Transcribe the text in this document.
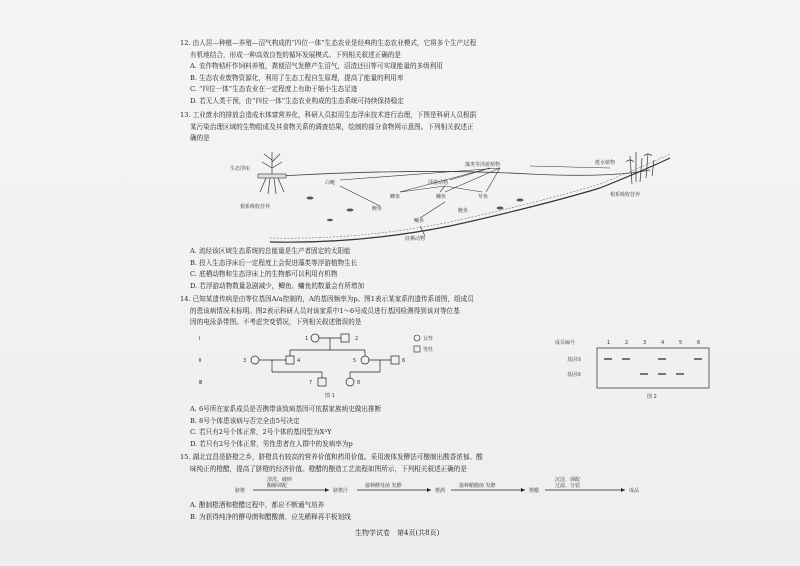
12. 由人居—种植—养殖—沼气构成的“四位一体”生态农业是经典的生态农业模式，它将多个生产过程
有机地结合，形成一种高效良性的循环发展模式。下列相关叙述正确的是
A. 农作物秸秆作饲料养殖，粪便沼气发酵产生沼气，沼渣还田等可实现能量的多级利用
B. 生态农业废物资源化，利用了生态工程自生原理，提高了能量的利用率
C. “四位一体”生态农业在一定程度上有助于缩小生态足迹
D. 若无人类干预，由“四位一体”生态农业构成的生态系统可持续保持稳定
13. 工业废水的排放会造成水体富营养化，科研人员拟用生态浮床技术进行治理，下图是科研人员根据
某污染治理区域的生物组成及其食物关系的调查结果，绘制的部分食物网示意图。下列相关叙述正
确的是
生态浮床
根系吸收营养
藻类等浮游植物	挺水植物
白鲢	浮游动物
鲫鱼	鳙鱼	草鱼
鲤鱼	鲢鱼
鳙鱼
底栖动物
根系吸收营养
A. 流经该区域生态系统的总能量是生产者固定的太阳能
B. 投入生态浮床后一定程度上会促进藻类等浮游植物生长
C. 底栖动物和生态浮床上的生物都可以利用有机物
D. 若浮游动物数量急剧减少，鲫鱼、鳙鱼的数量会有所增加
14. 已知某遗传病是由等位基因A/a控制的，A的基因频率为p。图1表示某家系的遗传系谱图，组成员
的患该病情况未标明。图2表示科研人员对该家系中1～6号成员进行基因检测得到该对等位基
因的电泳条带图。不考虑突变情况，下列相关叙述错误的是
Ⅰ
Ⅱ
Ⅲ
1	2
3	4	5	6
7	8
女性
男性
图 1
成员编号	1	2	3	4	5	6
基因①
基因②
图 2
A. 6号所在家系成员是否携带该致病基因可依据家族病史做出推断
B. 8号个体患该病与否完全由5号决定
C. 若只有2号个体正常，2号个体的基因型为XᴬY
D. 若只有2号个体正常，男性患者在人群中的发病率为p
15. 湖北宜昌是脐橙之乡，脐橙具有较高的营养价值和药用价值。采用液体发酵法可酿制出酸香浓郁、酸
味纯正的橙醋，提高了脐橙的经济价值。橙醋的酿造工艺流程如图所示，下列相关叙述正确的是
脐橙
清洗、破碎
酶解调配
脐橙汁
接种酵母菌 发酵
橙酒
接种醋酸菌 发酵
橙醋
沉淀、调配
过滤、分装
成品
A. 酿制橙酒和橙醋过程中，都应不断通气培养
B. 为获得纯净的酵母菌和醋酸菌，应先稀释再平板划线
生物学试卷　第4页(共8页)
